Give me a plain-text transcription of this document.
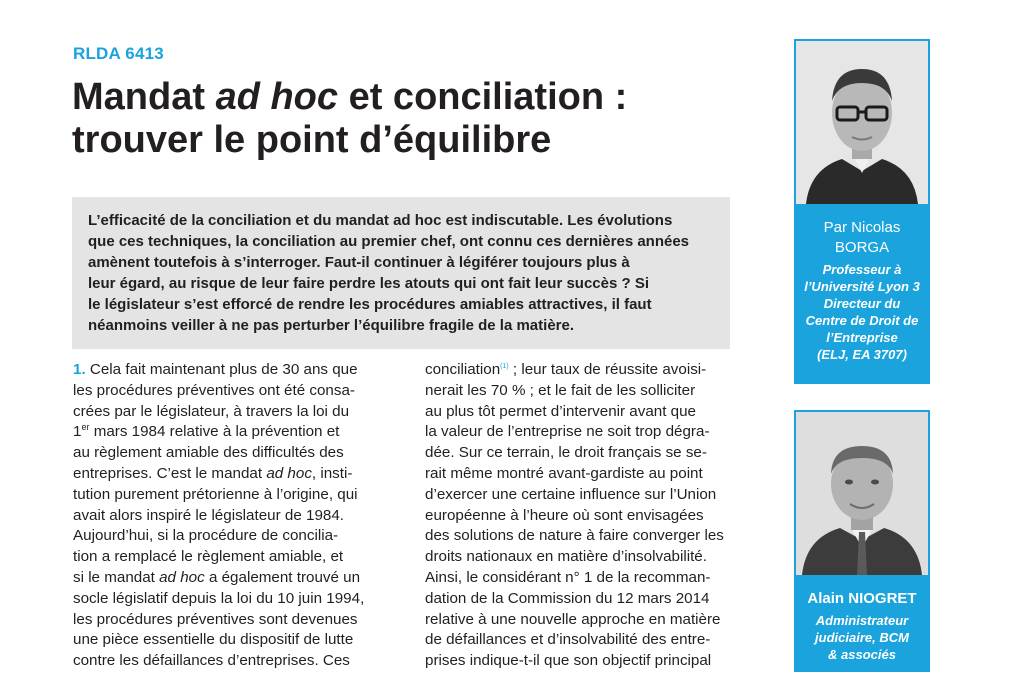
RLDA 6413
Mandat ad hoc et conciliation :
trouver le point d’équilibre
L’efficacité de la conciliation et du mandat ad hoc est indiscutable. Les évolutions
que ces techniques, la conciliation au premier chef, ont connu ces dernières années
amènent toutefois à s’interroger. Faut-il continuer à légiférer toujours plus à
leur égard, au risque de leur faire perdre les atouts qui ont fait leur succès ? Si
le législateur s’est efforcé de rendre les procédures amiables attractives, il faut
néanmoins veiller à ne pas perturber l’équilibre fragile de la matière.
1. Cela fait maintenant plus de 30 ans que
les procédures préventives ont été consa-
crées par le législateur, à travers la loi du
1er mars 1984 relative à la prévention et
au règlement amiable des difficultés des
entreprises. C’est le mandat ad hoc, insti-
tution purement prétorienne à l’origine, qui
avait alors inspiré le législateur de 1984.
Aujourd’hui, si la procédure de concilia-
tion a remplacé le règlement amiable, et
si le mandat ad hoc a également trouvé un
socle législatif depuis la loi du 10 juin 1994,
les procédures préventives sont devenues
une pièce essentielle du dispositif de lutte
contre les défaillances d’entreprises. Ces
conciliation$^{(1)}$ ; leur taux de réussite avoisi-
nerait les 70 % ; et le fait de les solliciter
au plus tôt permet d’intervenir avant que
la valeur de l’entreprise ne soit trop dégra-
dée. Sur ce terrain, le droit français se se-
rait même montré avant-gardiste au point
d’exercer une certaine influence sur l’Union
européenne à l’heure où sont envisagées
des solutions de nature à faire converger les
droits nationaux en matière d’insolvabilité.
Ainsi, le considérant n° 1 de la recomman-
dation de la Commission du 12 mars 2014
relative à une nouvelle approche en matière
de défaillances et d’insolvabilité des entre-
prises indique-t-il que son objectif principal
Par Nicolas
BORGA
Professeur à
l’Université Lyon 3
Directeur du
Centre de Droit de
l’Entreprise
(ELJ, EA 3707)
Alain NIOGRET
Administrateur
judiciaire, BCM
& associés
